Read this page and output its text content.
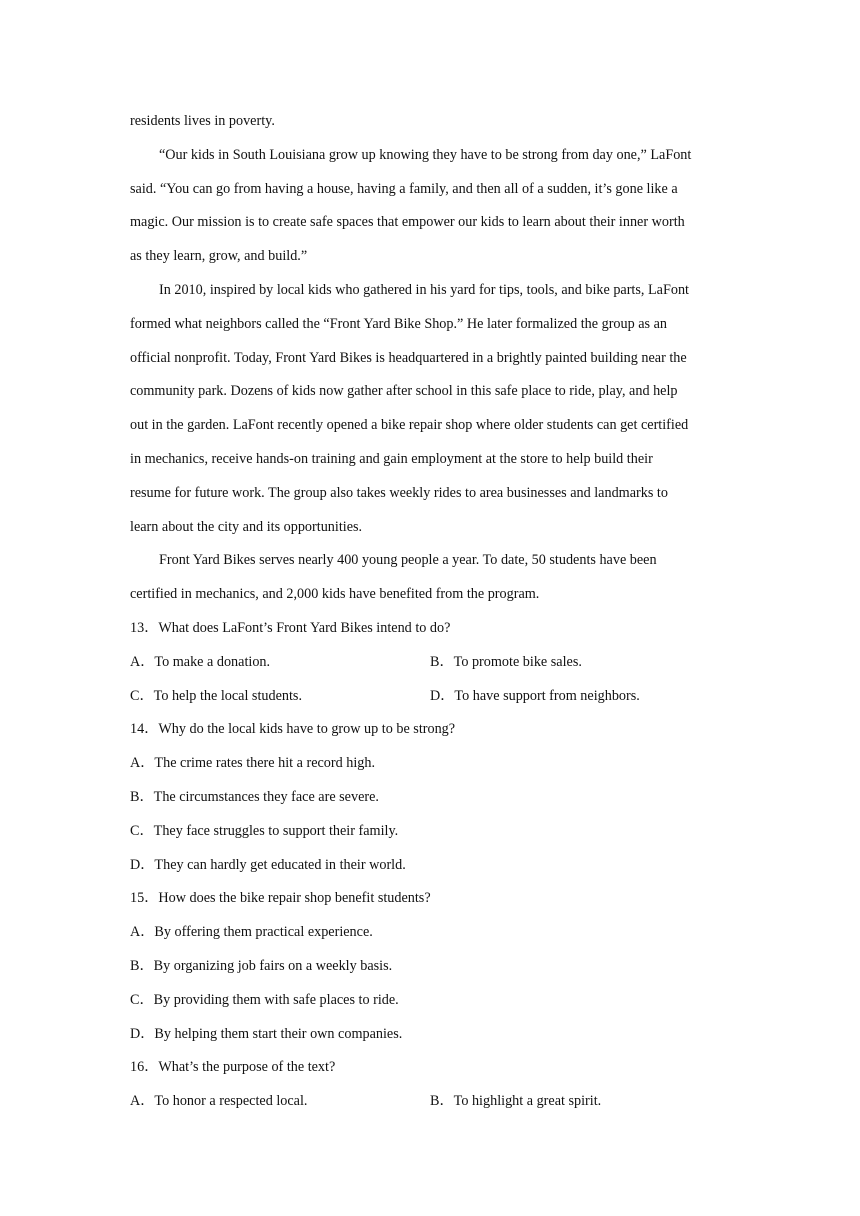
residents lives in poverty.
“Our kids in South Louisiana grow up knowing they have to be strong from day one,” LaFont
said. “You can go from having a house, having a family, and then all of a sudden, it’s gone like a
magic. Our mission is to create safe spaces that empower our kids to learn about their inner worth
as they learn, grow, and build.”
In 2010, inspired by local kids who gathered in his yard for tips, tools, and bike parts, LaFont
formed what neighbors called the “Front Yard Bike Shop.” He later formalized the group as an
official nonprofit. Today, Front Yard Bikes is headquartered in a brightly painted building near the
community park. Dozens of kids now gather after school in this safe place to ride, play, and help
out in the garden. LaFont recently opened a bike repair shop where older students can get certified
in mechanics, receive hands-on training and gain employment at the store to help build their
resume for future work. The group also takes weekly rides to area businesses and landmarks to
learn about the city and its opportunities.
Front Yard Bikes serves nearly 400 young people a year. To date, 50 students have been
certified in mechanics, and 2,000 kids have benefited from the program.
13．What does LaFont’s Front Yard Bikes intend to do?
A．To make a donation.	B．To promote bike sales.
C．To help the local students.	D．To have support from neighbors.
14．Why do the local kids have to grow up to be strong?
A．The crime rates there hit a record high.
B．The circumstances they face are severe.
C．They face struggles to support their family.
D．They can hardly get educated in their world.
15．How does the bike repair shop benefit students?
A．By offering them practical experience.
B．By organizing job fairs on a weekly basis.
C．By providing them with safe places to ride.
D．By helping them start their own companies.
16．What’s the purpose of the text?
A．To honor a respected local.	B．To highlight a great spirit.
